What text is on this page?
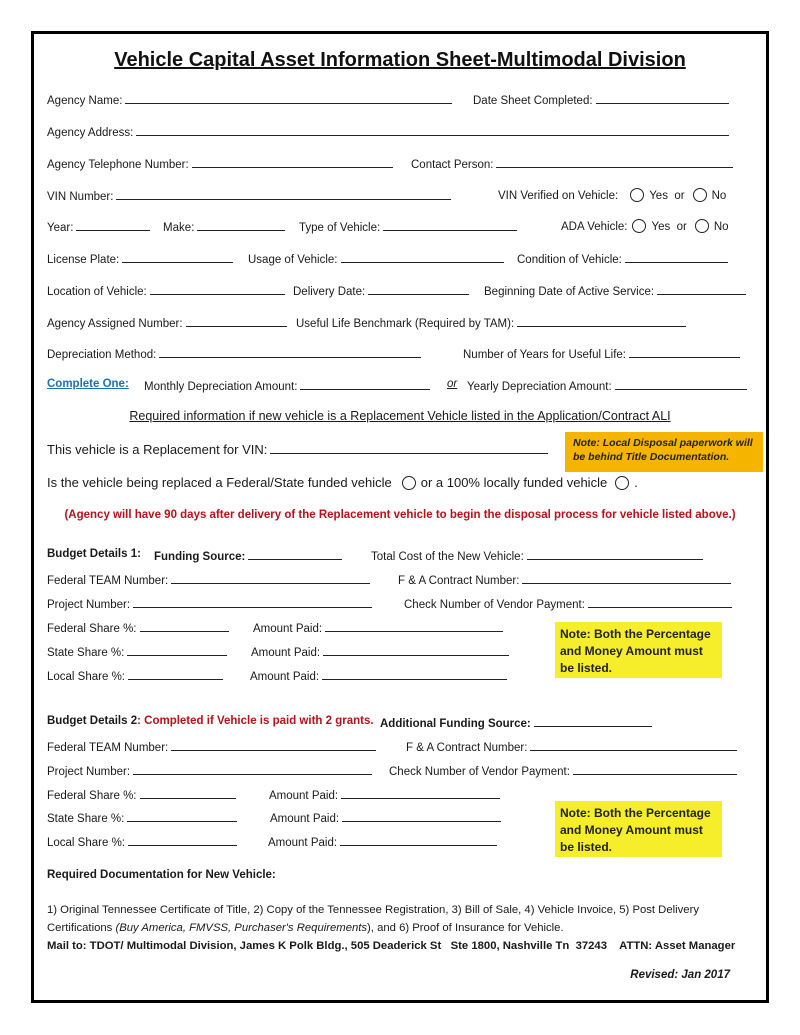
Vehicle Capital Asset Information Sheet-Multimodal Division
Agency Name:	Date Sheet Completed:
Agency Address:
Agency Telephone Number:	Contact Person:
VIN Number:	VIN Verified on Vehicle:	Yes or No
Year:	Make:	Type of Vehicle:	ADA Vehicle: Yes or No
License Plate:	Usage of Vehicle:	Condition of Vehicle:
Location of Vehicle:	Delivery Date:	Beginning Date of Active Service:
Agency Assigned Number:	Useful Life Benchmark (Required by TAM):
Depreciation Method:	Number of Years for Useful Life:
Complete One: Monthly Depreciation Amount:	or Yearly Depreciation Amount:
Required information if new vehicle is a Replacement Vehicle listed in the Application/Contract ALI
This vehicle is a Replacement for VIN:	Note: Local Disposal paperwork will be behind Title Documentation.
Is the vehicle being replaced a Federal/State funded vehicle or a 100% locally funded vehicle .
(Agency will have 90 days after delivery of the Replacement vehicle to begin the disposal process for vehicle listed above.)
Budget Details 1: Funding Source:	Total Cost of the New Vehicle:
Federal TEAM Number:	F & A Contract Number:
Project Number:	Check Number of Vendor Payment:
Federal Share %:	Amount Paid:
State Share %:	Amount Paid:
Local Share %:	Amount Paid:
Note: Both the Percentage and Money Amount must be listed.
Budget Details 2: Completed if Vehicle is paid with 2 grants. Additional Funding Source:
Federal TEAM Number:	F & A Contract Number:
Project Number:	Check Number of Vendor Payment:
Federal Share %:	Amount Paid:
State Share %:	Amount Paid:
Local Share %:	Amount Paid:
Note: Both the Percentage and Money Amount must be listed.
Required Documentation for New Vehicle:
1) Original Tennessee Certificate of Title, 2) Copy of the Tennessee Registration, 3) Bill of Sale, 4) Vehicle Invoice, 5) Post Delivery
Certifications (Buy America, FMVSS, Purchaser's Requirements), and 6) Proof of Insurance for Vehicle.
Mail to: TDOT/ Multimodal Division, James K Polk Bldg., 505 Deaderick St   Ste 1800, Nashville Tn  37243    ATTN: Asset Manager
Revised: Jan 2017
